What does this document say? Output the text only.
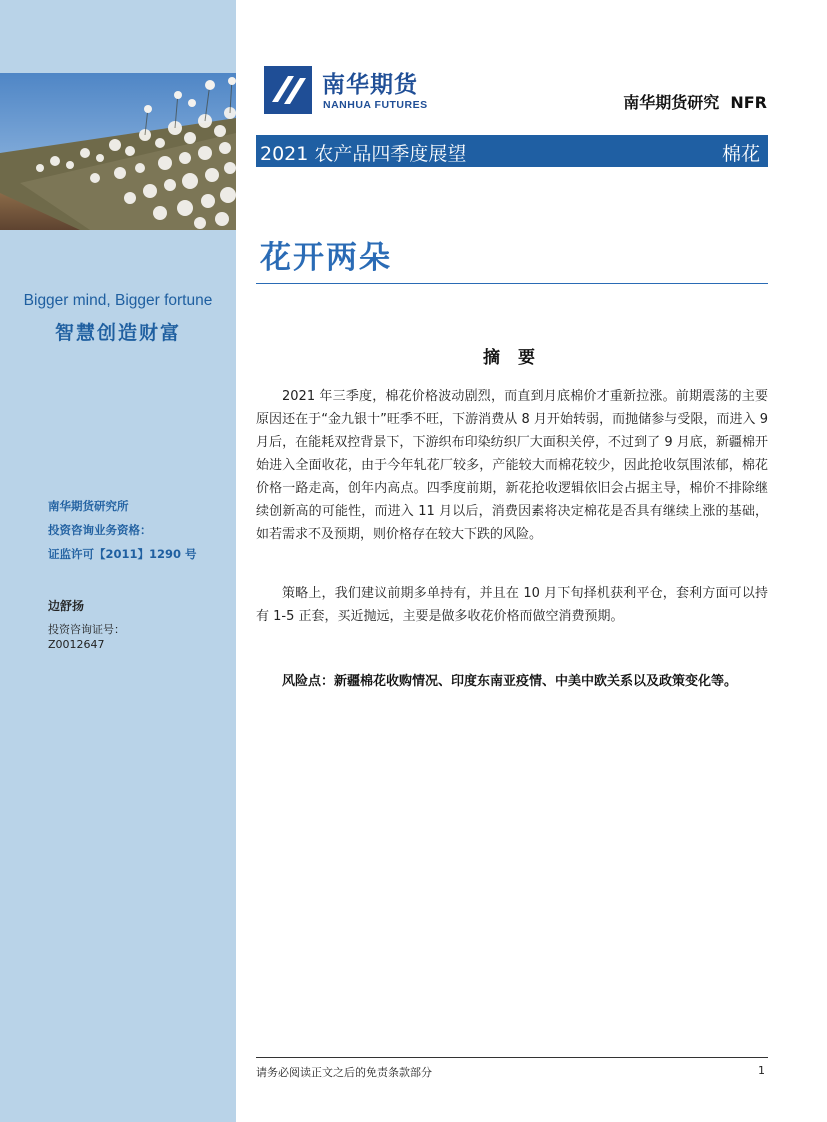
Bigger mind, Bigger fortune
智慧创造财富
南华期货研究所
投资咨询业务资格：
证监许可【2011】1290 号
边舒扬
投资咨询证号：
Z0012647
南华期货
NANHUA FUTURES	南华期货研究  NFR
2021 农产品四季度展望	棉花
花开两朵
摘 要

2021 年三季度，棉花价格波动剧烈，而直到月底棉价才重新拉涨。前期震荡的主要原因还在于“金九银十”旺季不旺，下游消费从 8 月开始转弱，而抛储参与受限，而进入 9 月后，在能耗双控背景下，下游织布印染纺织厂大面积关停，不过到了 9 月底，新疆棉开始进入全面收花，由于今年轧花厂较多，产能较大而棉花较少，因此抢收氛围浓郁，棉花价格一路走高，创年内高点。四季度前期，新花抢收逻辑依旧会占据主导，棉价不排除继续创新高的可能性，而进入 11 月以后，消费因素将决定棉花是否具有继续上涨的基础，如若需求不及预期，则价格存在较大下跌的风险。

策略上，我们建议前期多单持有，并且在 10 月下旬择机获利平仓，套利方面可以持有 1-5 正套，买近抛远，主要是做多收花价格而做空消费预期。

风险点：新疆棉花收购情况、印度东南亚疫情、中美中欧关系以及政策变化等。

请务必阅读正文之后的免责条款部分	1
